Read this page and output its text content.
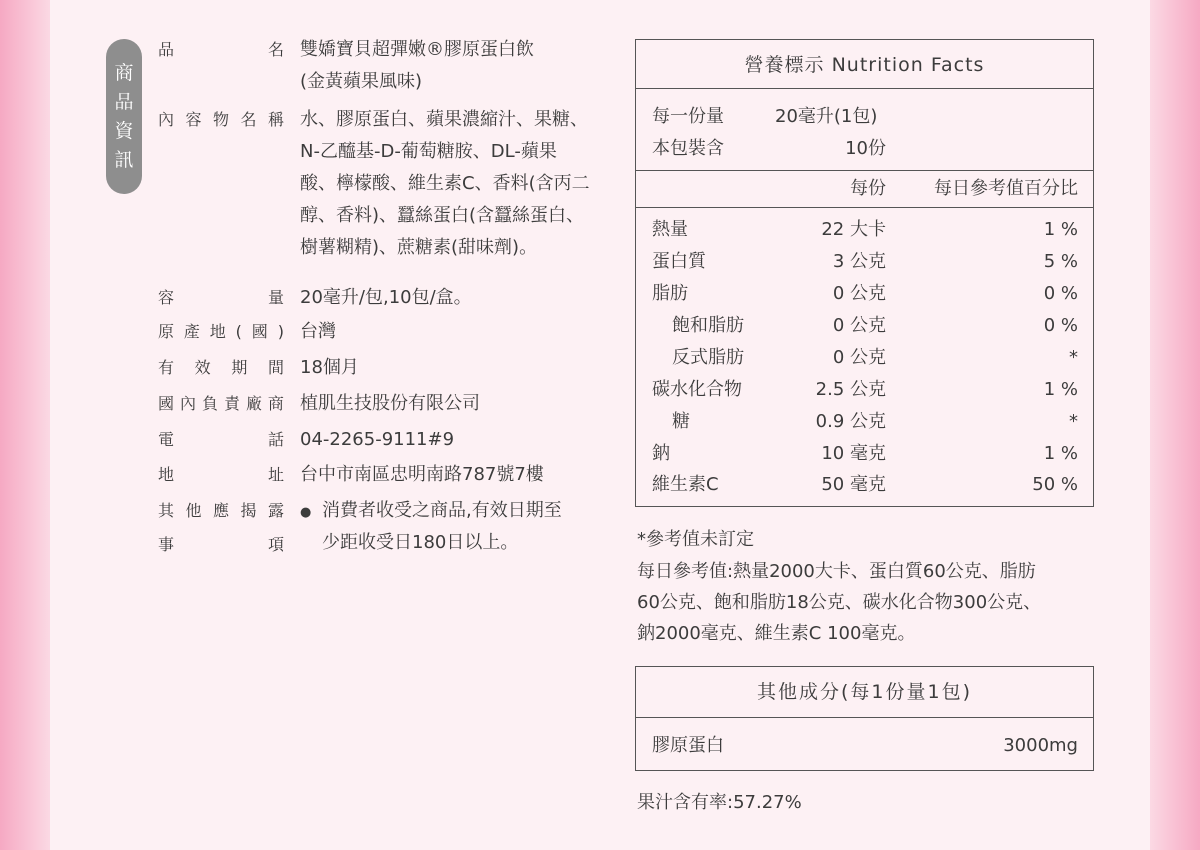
商
品
資
訊
品	名 雙嬌寶貝超彈嫩®膠原蛋白飲
(金黃蘋果風味)
內 容 物 名 稱 水、膠原蛋白、蘋果濃縮汁、果糖、
N-乙醯基-D-葡萄糖胺、DL-蘋果
酸、檸檬酸、維生素C、香料(含丙二
醇、香料)、蠶絲蛋白(含蠶絲蛋白、
樹薯糊精)、蔗糖素(甜味劑)。
容	量 20毫升/包,10包/盒。
原 產 地 ( 國 ) 台灣
有 效 期 間 18個月
國 內 負 責 廠 商 植肌生技股份有限公司
電	話 04-2265-9111#9
地	址 台中市南區忠明南路787號7樓
其 他 應 揭 露
事	項
● 消費者收受之商品,有效日期至
少距收受日180日以上。
營養標示 Nutrition Facts
每一份量	20毫升(1包)
本包裝含	10份
每份	每日參考值百分比
熱量	22 大卡	1 %
蛋白質	3 公克	5 %
脂肪	0 公克	0 %
飽和脂肪	0 公克	0 %
反式脂肪	0 公克	*
碳水化合物	2.5 公克	1 %
糖	0.9 公克	*
鈉	10 毫克	1 %
維生素C	50 毫克	50 %
*參考值未訂定
每日參考值:熱量2000大卡、蛋白質60公克、脂肪
60公克、飽和脂肪18公克、碳水化合物300公克、
鈉2000毫克、維生素C 100毫克。
其他成分(每1份量1包)
膠原蛋白	3000mg
果汁含有率:57.27%
